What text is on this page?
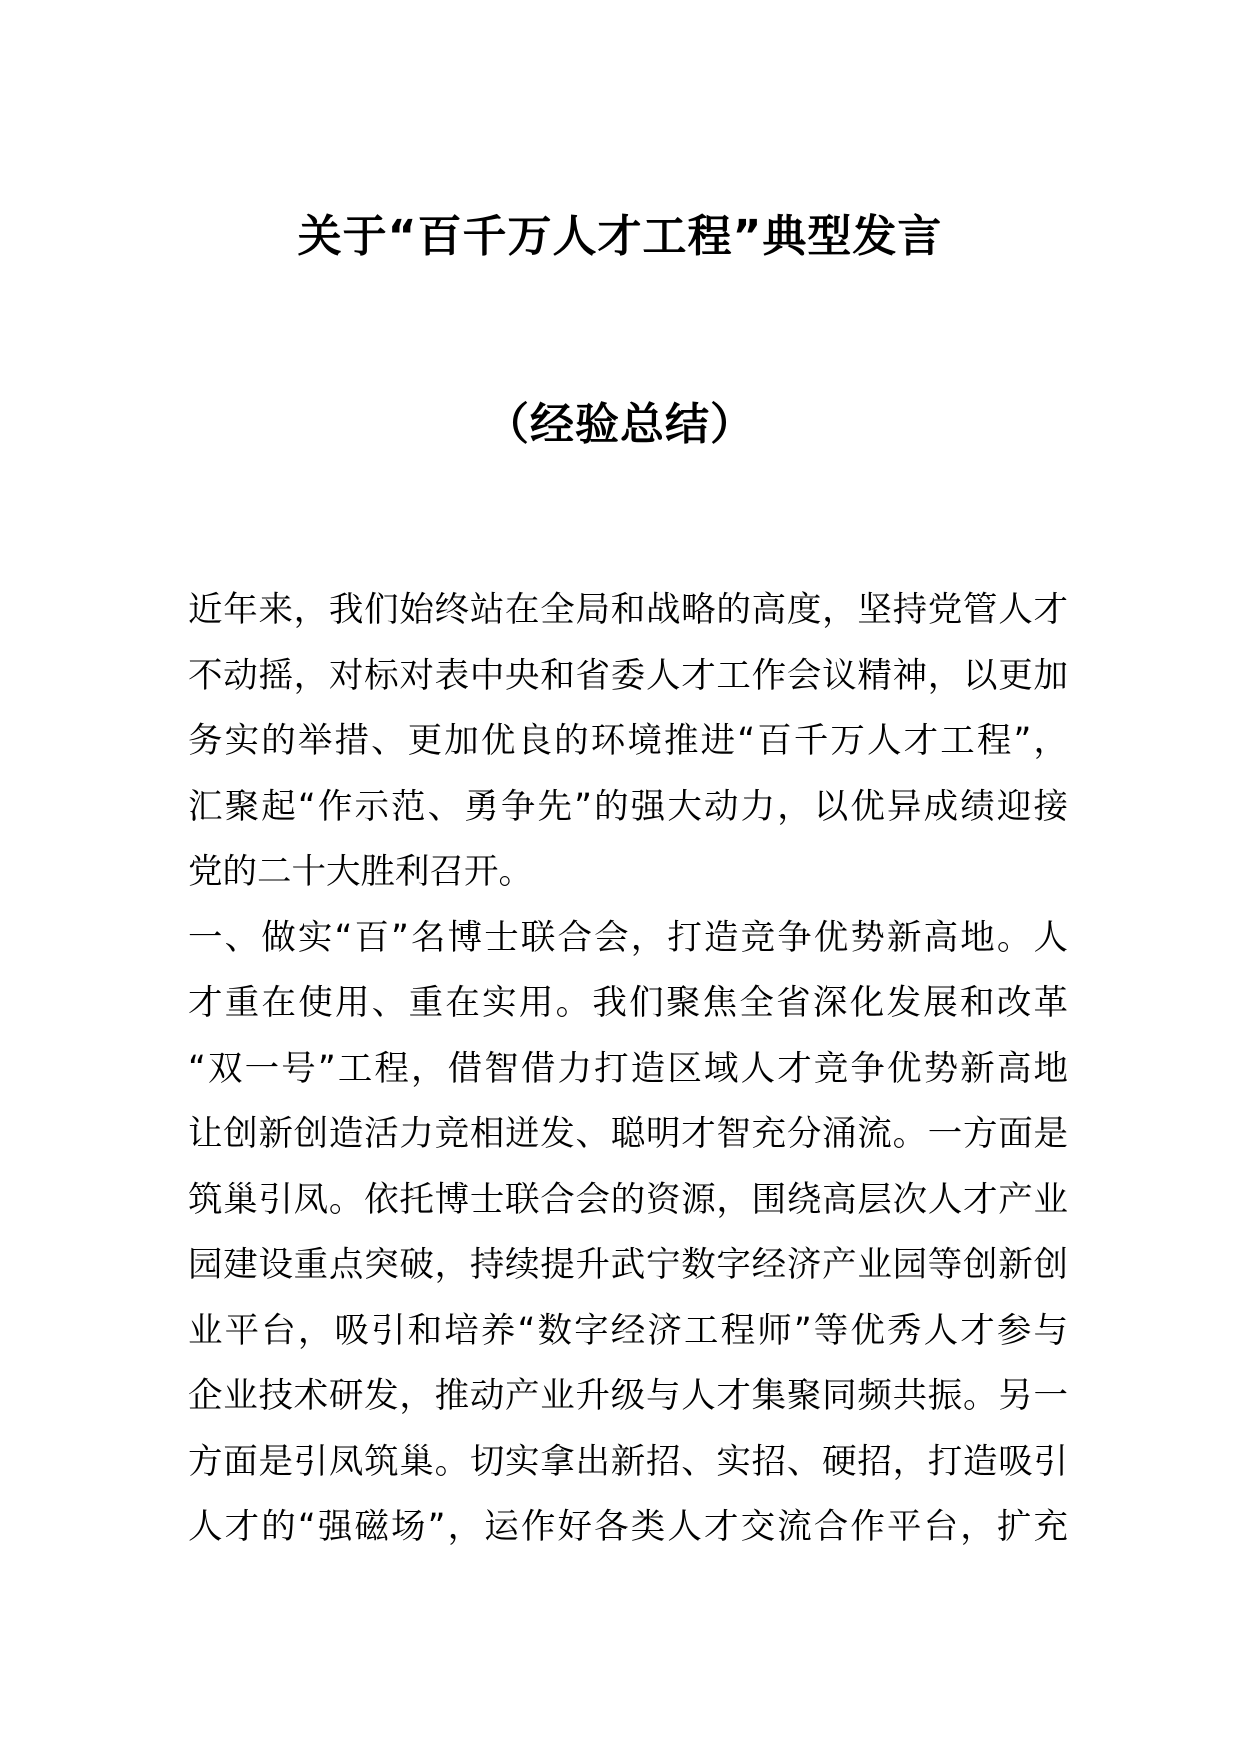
关于“百千万人才工程”典型发言
（经验总结）
近年来，我们始终站在全局和战略的高度，坚持党管人才
不动摇，对标对表中央和省委人才工作会议精神，以更加
务实的举措、更加优良的环境推进“百千万人才工程”，
汇聚起“作示范、勇争先”的强大动力，以优异成绩迎接
党的二十大胜利召开。
一、做实“百”名博士联合会，打造竞争优势新高地。人
才重在使用、重在实用。我们聚焦全省深化发展和改革
“双一号”工程，借智借力打造区域人才竞争优势新高地
让创新创造活力竞相迸发、聪明才智充分涌流。一方面是
筑巢引凤。依托博士联合会的资源，围绕高层次人才产业
园建设重点突破，持续提升武宁数字经济产业园等创新创
业平台，吸引和培养“数字经济工程师”等优秀人才参与
企业技术研发，推动产业升级与人才集聚同频共振。另一
方面是引凤筑巢。切实拿出新招、实招、硬招，打造吸引
人才的“强磁场”，运作好各类人才交流合作平台，扩充
